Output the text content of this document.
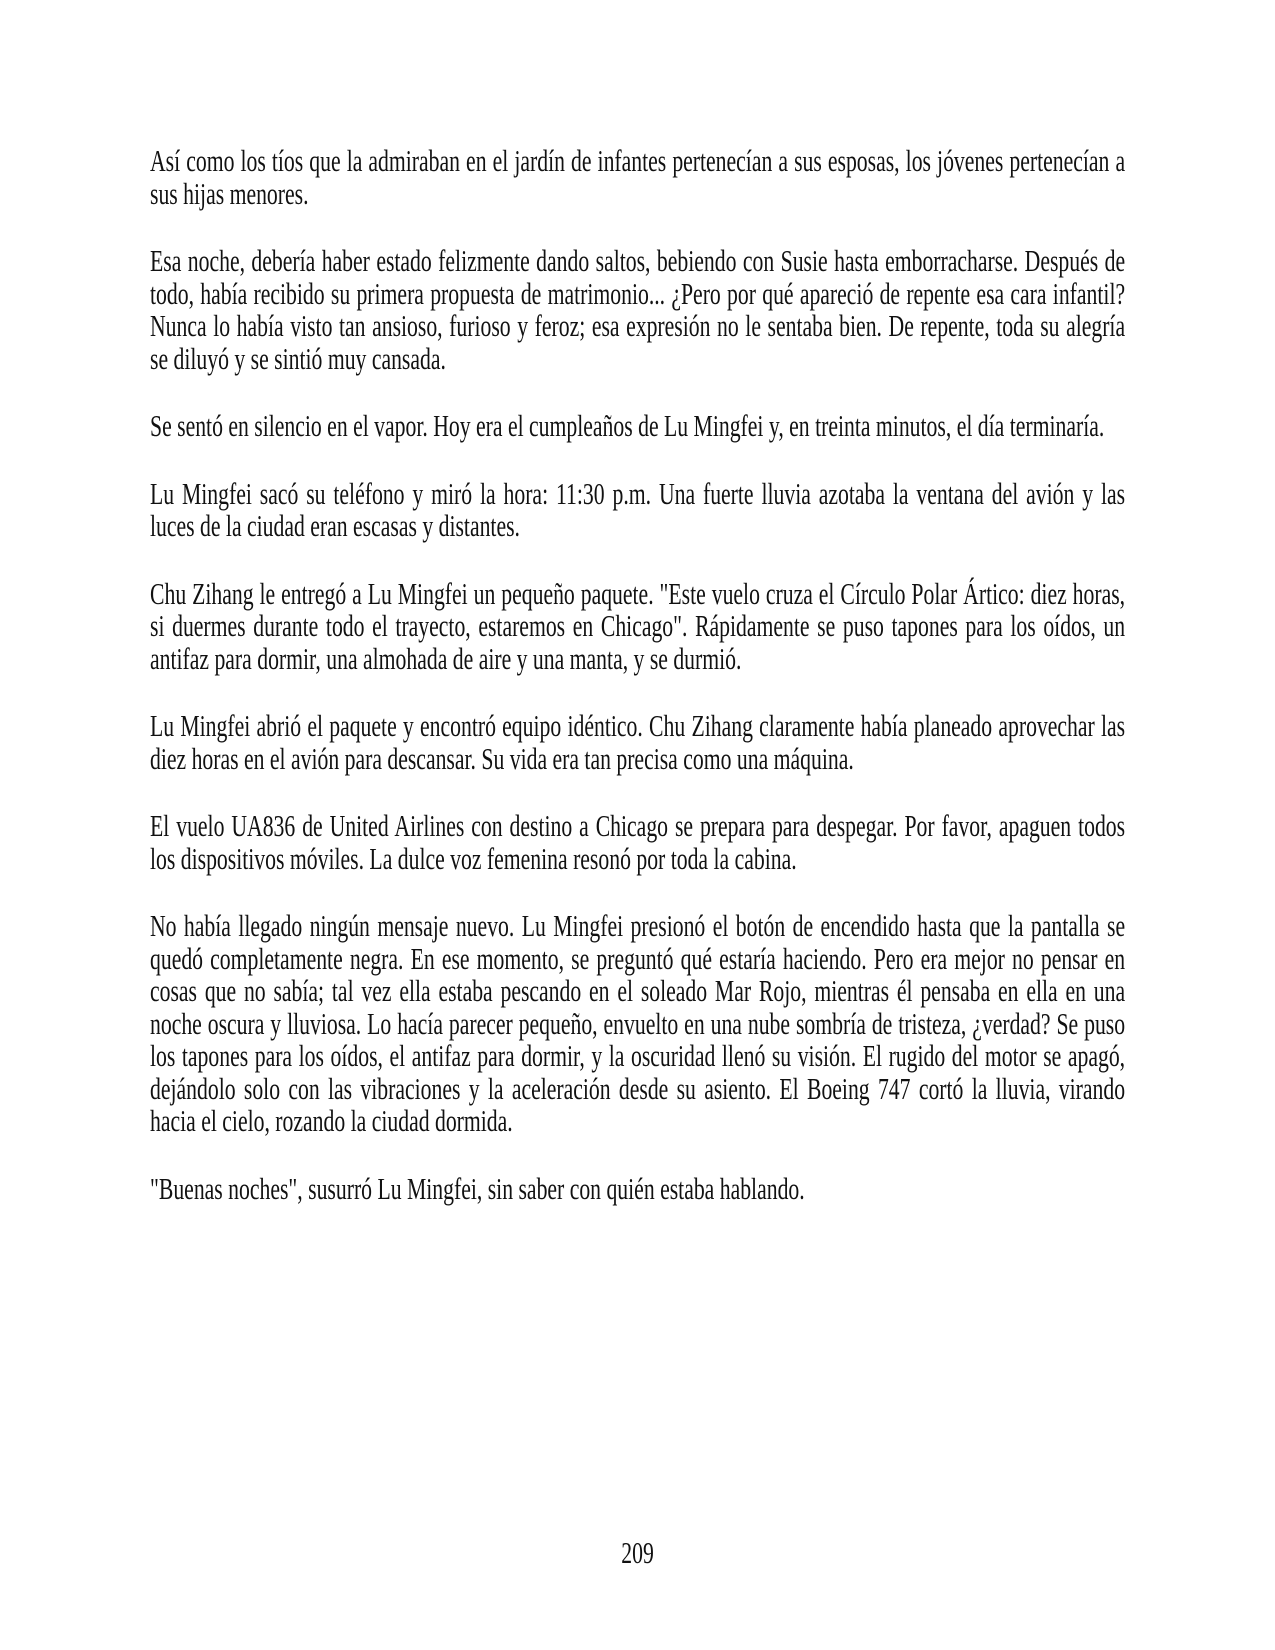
Así como los tíos que la admiraban en el jardín de infantes pertenecían a sus esposas, los jóvenes pertenecían a sus hijas menores.

Esa noche, debería haber estado felizmente dando saltos, bebiendo con Susie hasta emborracharse. Después de todo, había recibido su primera propuesta de matrimonio... ¿Pero por qué apareció de repente esa cara infantil? Nunca lo había visto tan ansioso, furioso y feroz; esa expresión no le sentaba bien. De repente, toda su alegría se diluyó y se sintió muy cansada.

Se sentó en silencio en el vapor. Hoy era el cumpleaños de Lu Mingfei y, en treinta minutos, el día terminaría.

Lu Mingfei sacó su teléfono y miró la hora: 11:30 p.m. Una fuerte lluvia azotaba la ventana del avión y las luces de la ciudad eran escasas y distantes.

Chu Zihang le entregó a Lu Mingfei un pequeño paquete. "Este vuelo cruza el Círculo Polar Ártico: diez horas, si duermes durante todo el trayecto, estaremos en Chicago". Rápidamente se puso tapones para los oídos, un antifaz para dormir, una almohada de aire y una manta, y se durmió.

Lu Mingfei abrió el paquete y encontró equipo idéntico. Chu Zihang claramente había planeado aprovechar las diez horas en el avión para descansar. Su vida era tan precisa como una máquina.

El vuelo UA836 de United Airlines con destino a Chicago se prepara para despegar. Por favor, apaguen todos los dispositivos móviles. La dulce voz femenina resonó por toda la cabina.

No había llegado ningún mensaje nuevo. Lu Mingfei presionó el botón de encendido hasta que la pantalla se quedó completamente negra. En ese momento, se preguntó qué estaría haciendo. Pero era mejor no pensar en cosas que no sabía; tal vez ella estaba pescando en el soleado Mar Rojo, mientras él pensaba en ella en una noche oscura y lluviosa. Lo hacía parecer pequeño, envuelto en una nube sombría de tristeza, ¿verdad? Se puso los tapones para los oídos, el antifaz para dormir, y la oscuridad llenó su visión. El rugido del motor se apagó, dejándolo solo con las vibraciones y la aceleración desde su asiento. El Boeing 747 cortó la lluvia, virando hacia el cielo, rozando la ciudad dormida.

"Buenas noches", susurró Lu Mingfei, sin saber con quién estaba hablando.

209
